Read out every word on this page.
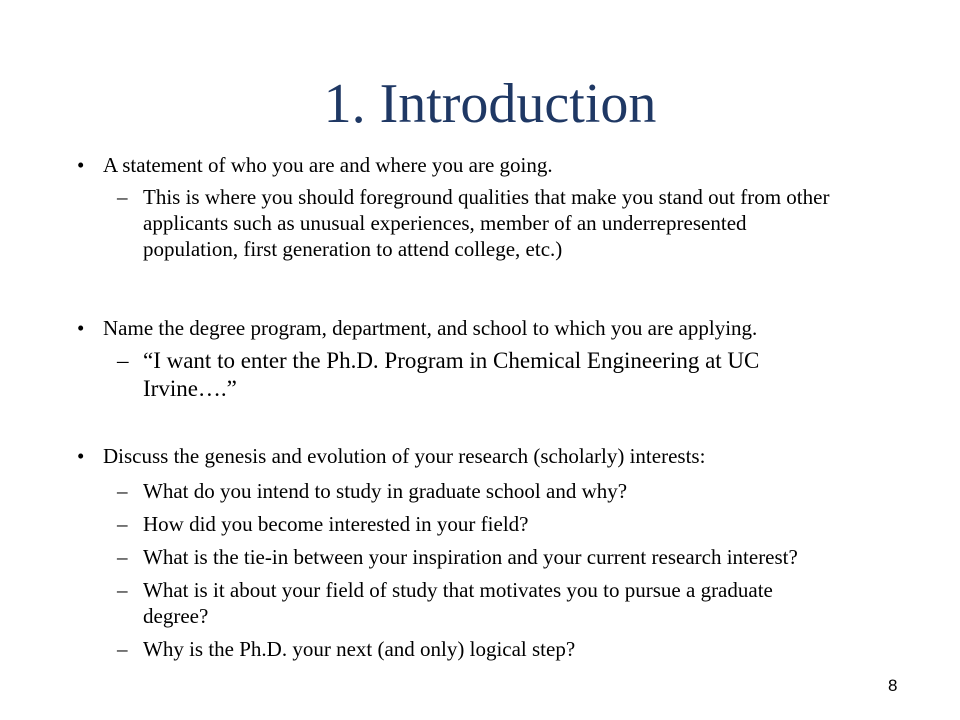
1. Introduction
• A statement of who you are and where you are going.
– This is where you should foreground qualities that make you stand out from other applicants such as unusual experiences, member of an underrepresented population, first generation to attend college, etc.)
• Name the degree program, department, and school to which you are applying.
– “I want to enter the Ph.D. Program in Chemical Engineering at UC Irvine….”
• Discuss the genesis and evolution of your research (scholarly) interests:
– What do you intend to study in graduate school and why?
– How did you become interested in your field?
– What is the tie-in between your inspiration and your current research interest?
– What is it about your field of study that motivates you to pursue a graduate degree?
– Why is the Ph.D. your next (and only) logical step?
8
